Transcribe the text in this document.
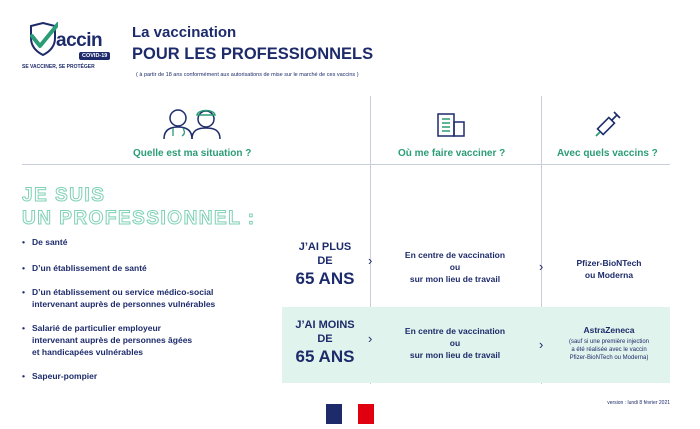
accin
COVID-19
SE VACCINER, SE PROTÉGER
La vaccination
POUR LES PROFESSIONNELS
( à partir de 18 ans conformément aux autorisations de mise sur le marché de ces vaccins )
Quelle est ma situation ?	Où me faire vacciner ?	Avec quels vaccins ?
JE SUIS
UN PROFESSIONNEL :
• De santé
• D’un établissement de santé
• D’un établissement ou service médico-social
intervenant auprès de personnes vulnérables
• Salarié de particulier employeur
intervenant auprès de personnes âgées
et handicapées vulnérables
• Sapeur-pompier
J’AI PLUS
DE
65 ANS
›	En centre de vaccination
ou
sur mon lieu de travail
›	Pfizer-BioNTech
ou Moderna
J’AI MOINS
DE
65 ANS
›	En centre de vaccination
ou
sur mon lieu de travail
›
AstraZeneca
(sauf si une première injection
a été réalisée avec le vaccin
Pfizer-BioNTech ou Moderna)
version : lundi 8 février 2021
